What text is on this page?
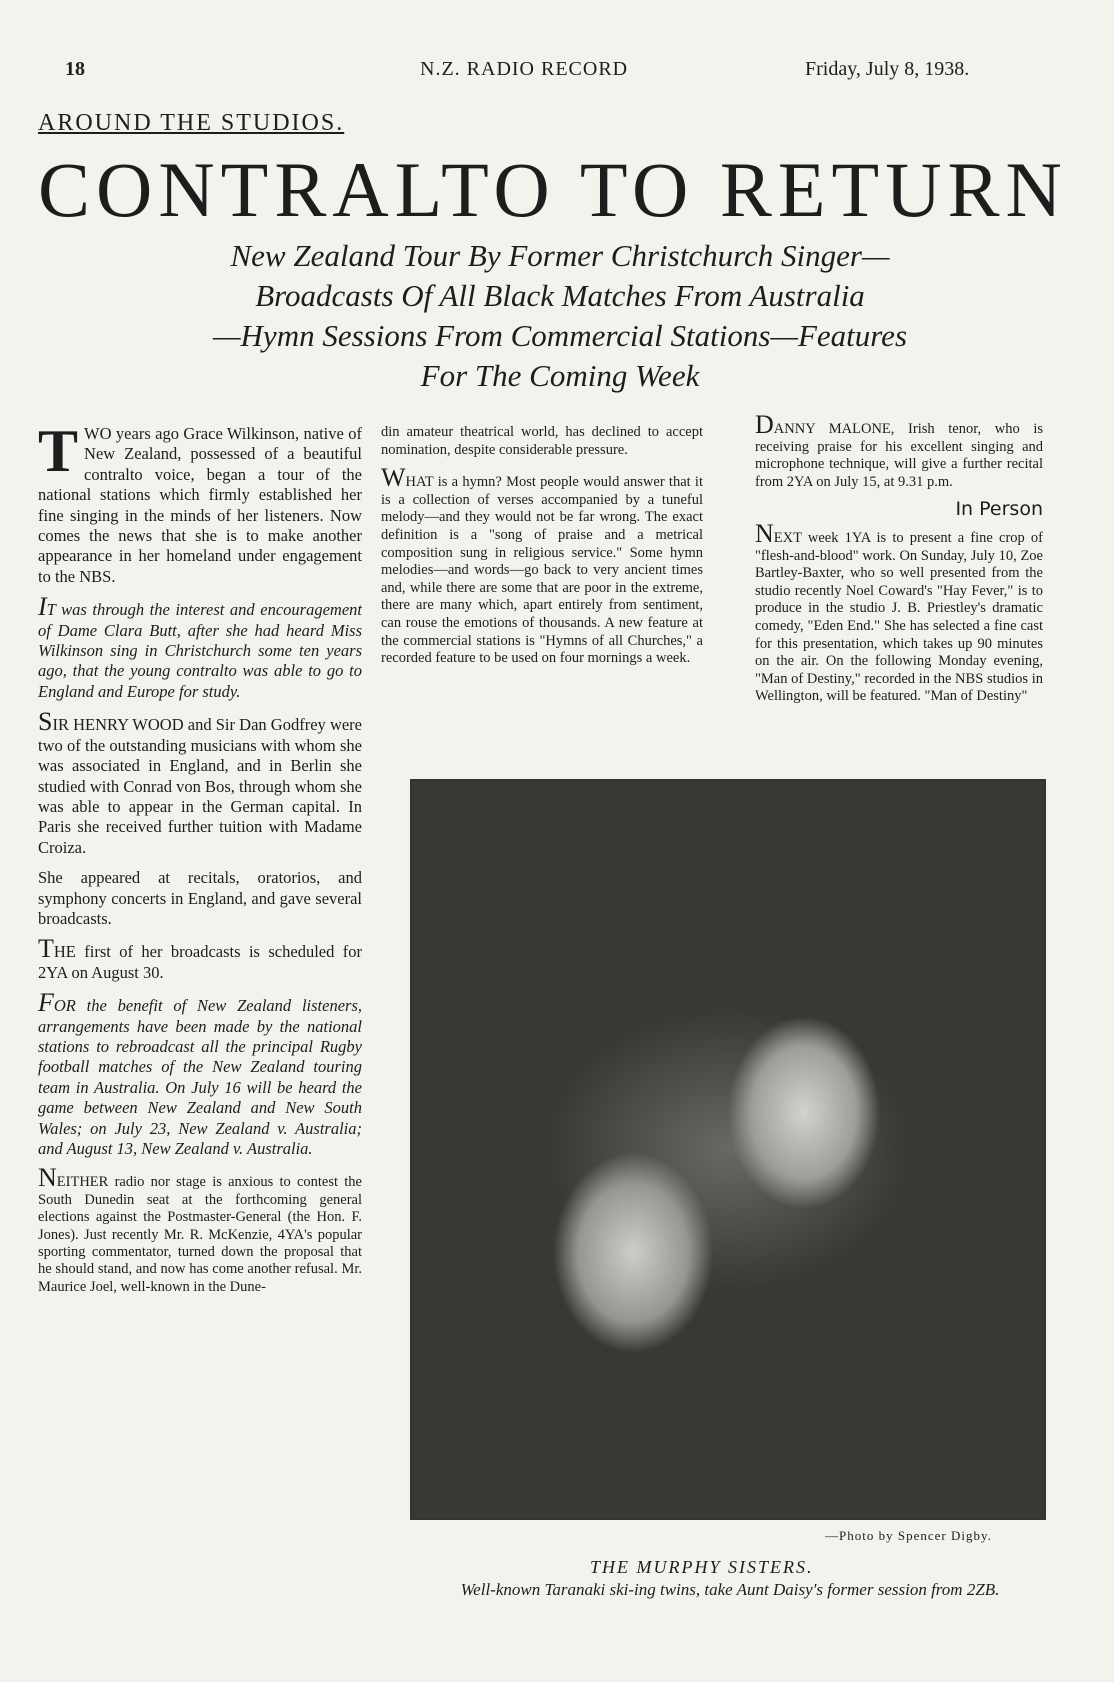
18	N.Z. RADIO RECORD	Friday, July 8, 1938.
AROUND THE STUDIOS.
CONTRALTO TO RETURN
New Zealand Tour By Former Christchurch Singer—
Broadcasts Of All Black Matches From Australia
—Hymn Sessions From Commercial Stations—Features
For The Coming Week

TWO years ago Grace Wilkinson, native of New Zealand, possessed of a beautiful contralto voice, began a tour of the national stations which firmly established her fine singing in the minds of her listeners. Now comes the news that she is to make another appearance in her homeland under engagement to the NBS.

IT was through the interest and encouragement of Dame Clara Butt, after she had heard Miss Wilkinson sing in Christchurch some ten years ago, that the young contralto was able to go to England and Europe for study.

SIR HENRY WOOD and Sir Dan Godfrey were two of the outstanding musicians with whom she was associated in England, and in Berlin she studied with Conrad von Bos, through whom she was able to appear in the German capital. In Paris she received further tuition with Madame Croiza.

She appeared at recitals, oratorios, and symphony concerts in England, and gave several broadcasts.

THE first of her broadcasts is scheduled for 2YA on August 30.

FOR the benefit of New Zealand listeners, arrangements have been made by the national stations to rebroadcast all the principal Rugby football matches of the New Zealand touring team in Australia. On July 16 will be heard the game between New Zealand and New South Wales; on July 23, New Zealand v. Australia; and August 13, New Zealand v. Australia.

NEITHER radio nor stage is anxious to contest the South Dunedin seat at the forthcoming general elections against the Postmaster-General (the Hon. F. Jones). Just recently Mr. R. McKenzie, 4YA's popular sporting commentator, turned down the proposal that he should stand, and now has come another refusal. Mr. Maurice Joel, well-known in the Dune-

din amateur theatrical world, has declined to accept nomination, despite considerable pressure.

WHAT is a hymn? Most people would answer that it is a collection of verses accompanied by a tuneful melody—and they would not be far wrong. The exact definition is a "song of praise and a metrical composition sung in religious service." Some hymn melodies—and words—go back to very ancient times and, while there are some that are poor in the extreme, there are many which, apart entirely from sentiment, can rouse the emotions of thousands. A new feature at the commercial stations is "Hymns of all Churches," a recorded feature to be used on four mornings a week.

DANNY MALONE, Irish tenor, who is receiving praise for his excellent singing and microphone technique, will give a further recital from 2YA on July 15, at 9.31 p.m.

In Person

NEXT week 1YA is to present a fine crop of "flesh-and-blood" work. On Sunday, July 10, Zoe Bartley-Baxter, who so well presented from the studio recently Noel Coward's "Hay Fever," is to produce in the studio J. B. Priestley's dramatic comedy, "Eden End." She has selected a fine cast for this presentation, which takes up 90 minutes on the air. On the following Monday evening, "Man of Destiny," recorded in the NBS studios in Wellington, will be featured. "Man of Destiny"

—Photo by Spencer Digby.
THE MURPHY SISTERS.
Well-known Taranaki ski-ing twins, take Aunt Daisy's former session from 2ZB.
